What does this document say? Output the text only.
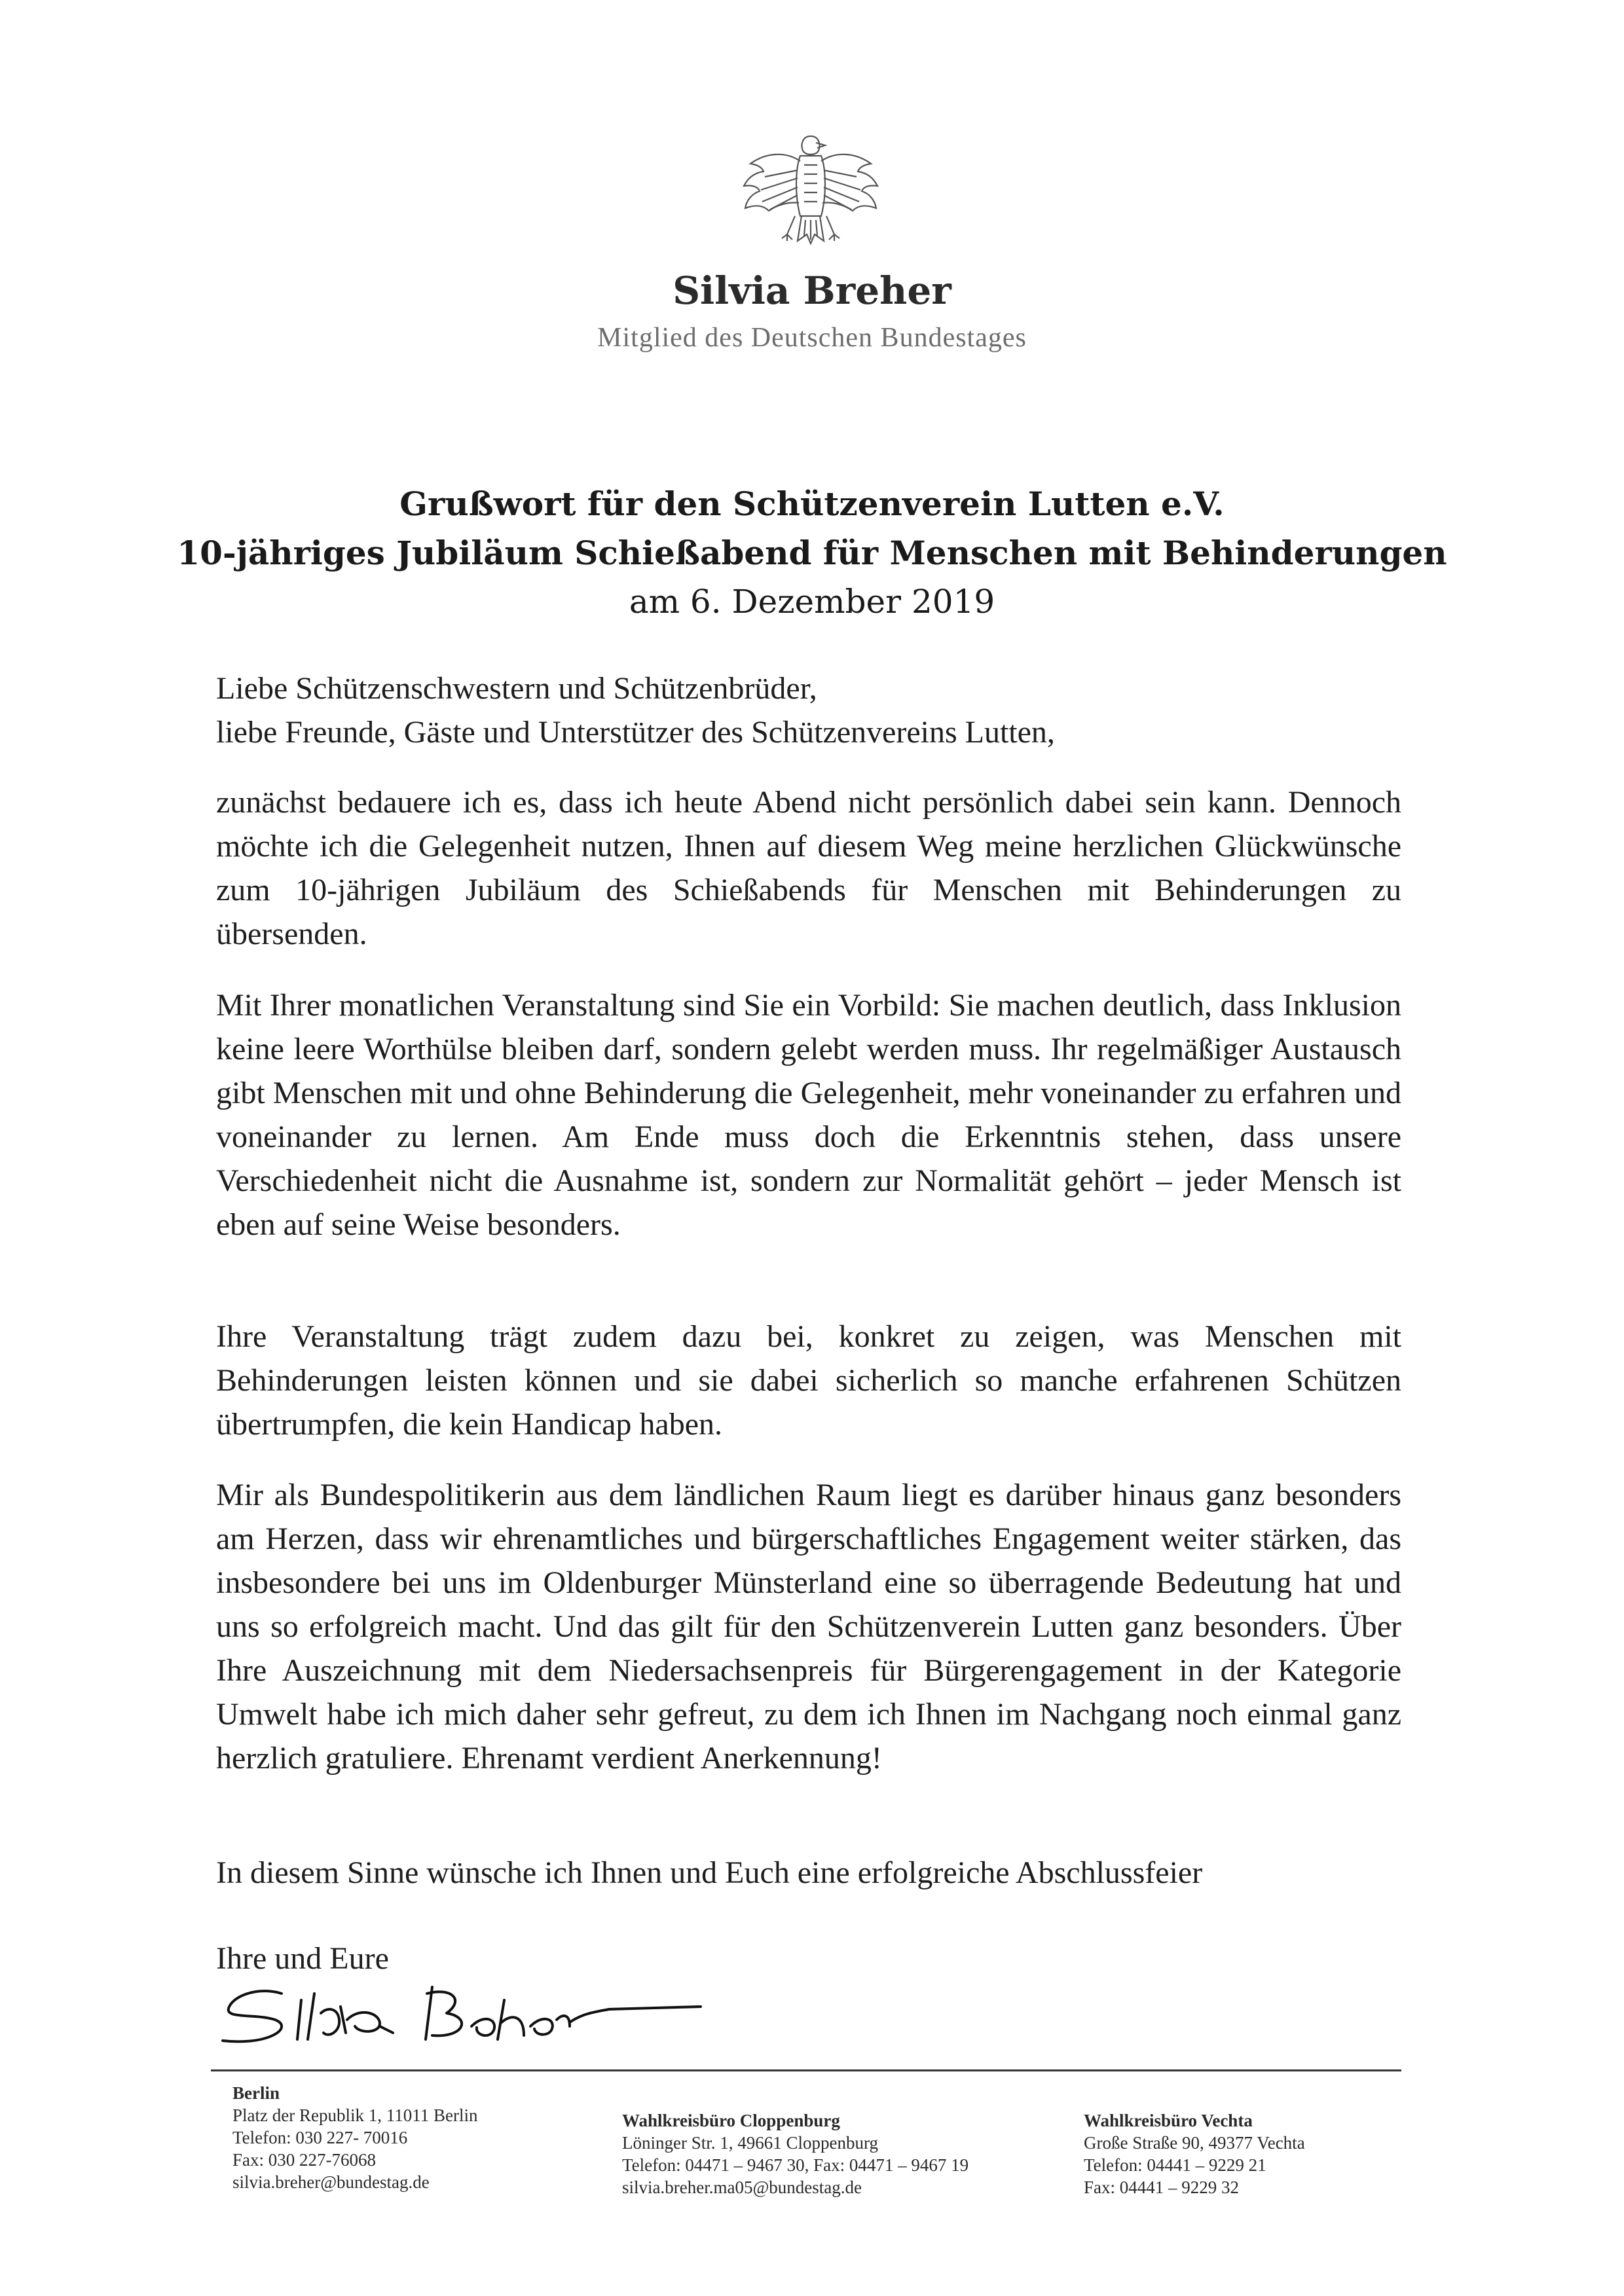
Silvia Breher
Mitglied des Deutschen Bundestages
Grußwort für den Schützenverein Lutten e.V.
10-jähriges Jubiläum Schießabend für Menschen mit Behinderungen
am 6. Dezember 2019
Liebe Schützenschwestern und Schützenbrüder,
liebe Freunde, Gäste und Unterstützer des Schützenvereins Lutten,
zunächst bedauere ich es, dass ich heute Abend nicht persönlich dabei sein kann. Dennoch möchte ich die Gelegenheit nutzen, Ihnen auf diesem Weg meine herzlichen Glückwünsche zum 10-jährigen Jubiläum des Schießabends für Menschen mit Behinderungen zu übersenden.
Mit Ihrer monatlichen Veranstaltung sind Sie ein Vorbild: Sie machen deutlich, dass Inklusion keine leere Worthülse bleiben darf, sondern gelebt werden muss. Ihr regelmäßiger Austausch gibt Menschen mit und ohne Behinderung die Gelegenheit, mehr voneinander zu erfahren und voneinander zu lernen. Am Ende muss doch die Erkenntnis stehen, dass unsere Verschiedenheit nicht die Ausnahme ist, sondern zur Normalität gehört – jeder Mensch ist eben auf seine Weise besonders.
Ihre Veranstaltung trägt zudem dazu bei, konkret zu zeigen, was Menschen mit Behinderungen leisten können und sie dabei sicherlich so manche erfahrenen Schützen übertrumpfen, die kein Handicap haben.
Mir als Bundespolitikerin aus dem ländlichen Raum liegt es darüber hinaus ganz besonders am Herzen, dass wir ehrenamtliches und bürgerschaftliches Engagement weiter stärken, das insbesondere bei uns im Oldenburger Münsterland eine so überragende Bedeutung hat und uns so erfolgreich macht. Und das gilt für den Schützenverein Lutten ganz besonders. Über Ihre Auszeichnung mit dem Niedersachsenpreis für Bürgerengagement in der Kategorie Umwelt habe ich mich daher sehr gefreut, zu dem ich Ihnen im Nachgang noch einmal ganz herzlich gratuliere. Ehrenamt verdient Anerkennung!
In diesem Sinne wünsche ich Ihnen und Euch eine erfolgreiche Abschlussfeier
Ihre und Eure
Berlin
Platz der Republik 1, 11011 Berlin
Telefon: 030 227- 70016
Fax: 030 227-76068
silvia.breher@bundestag.de
Wahlkreisbüro Cloppenburg
Löninger Str. 1, 49661 Cloppenburg
Telefon: 04471 – 9467 30, Fax: 04471 – 9467 19
silvia.breher.ma05@bundestag.de
Wahlkreisbüro Vechta
Große Straße 90, 49377 Vechta
Telefon: 04441 – 9229 21
Fax: 04441 – 9229 32
